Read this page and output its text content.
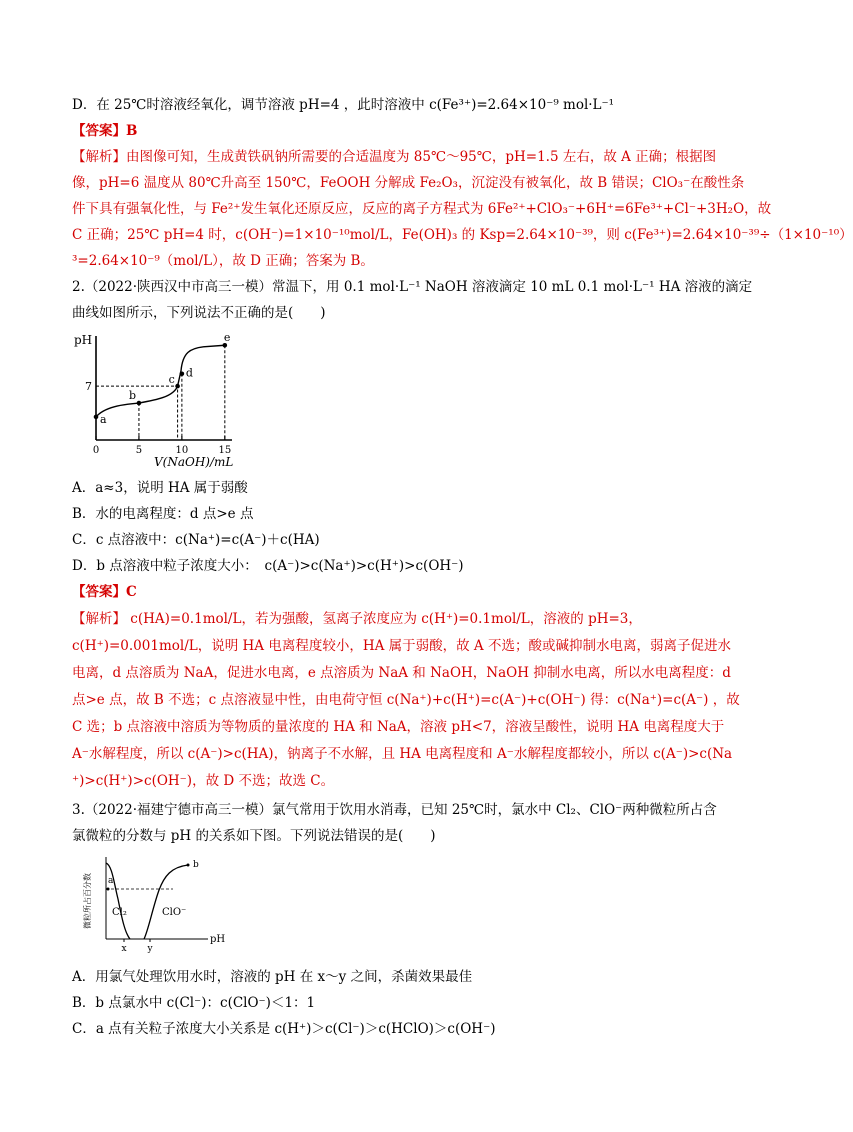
D．在 25℃时溶液经氧化，调节溶液 pH=4 ，此时溶液中 c(Fe³⁺)=2.64×10⁻⁹ mol·L⁻¹
【答案】B
【解析】由图像可知，生成黄铁矾钠所需要的合适温度为 85℃～95℃，pH=1.5 左右，故 A 正确；根据图
像，pH=6 温度从 80℃升高至 150℃，FeOOH 分解成 Fe₂O₃，沉淀没有被氧化，故 B 错误；ClO₃⁻在酸性条
件下具有强氧化性，与 Fe²⁺发生氧化还原反应，反应的离子方程式为 6Fe²⁺+ClO₃⁻+6H⁺=6Fe³⁺+Cl⁻+3H₂O，故
C 正确；25℃ pH=4 时，c(OH⁻)=1×10⁻¹⁰mol/L，Fe(OH)₃ 的 Ksp=2.64×10⁻³⁹，则 c(Fe³⁺)=2.64×10⁻³⁹÷（1×10⁻¹⁰）
³=2.64×10⁻⁹（mol/L），故 D 正确；答案为 B。
2.（2022·陕西汉中市高三一模）常温下，用 0.1 mol·L⁻¹ NaOH 溶液滴定 10 mL 0.1 mol·L⁻¹ HA 溶液的滴定
曲线如图所示，下列说法不正确的是(　　)
pH
V(NaOH)/mL
0	5	10	15
7
a
b
c d
e
A．a≈3，说明 HA 属于弱酸
B．水的电离程度：d 点>e 点
C．c 点溶液中：c(Na⁺)=c(A⁻)＋c(HA)
D．b 点溶液中粒子浓度大小：　c(A⁻)>c(Na⁺)>c(H⁺)>c(OH⁻)
【答案】C
【解析】 c(HA)=0.1mol/L，若为强酸，氢离子浓度应为 c(H⁺)=0.1mol/L，溶液的 pH=3，
c(H⁺)=0.001mol/L，说明 HA 电离程度较小，HA 属于弱酸，故 A 不选；酸或碱抑制水电离，弱离子促进水
电离，d 点溶质为 NaA，促进水电离，e 点溶质为 NaA 和 NaOH，NaOH 抑制水电离，所以水电离程度：d
点>e 点，故 B 不选；c 点溶液显中性，由电荷守恒 c(Na⁺)+c(H⁺)=c(A⁻)+c(OH⁻) 得：c(Na⁺)=c(A⁻) ，故
C 选；b 点溶液中溶质为等物质的量浓度的 HA 和 NaA，溶液 pH<7，溶液呈酸性，说明 HA 电离程度大于
A⁻水解程度，所以 c(A⁻)>c(HA)，钠离子不水解，且 HA 电离程度和 A⁻水解程度都较小，所以 c(A⁻)>c(Na
⁺)>c(H⁺)>c(OH⁻)，故 D 不选；故选 C。
3.（2022·福建宁德市高三一模）氯气常用于饮用水消毒，已知 25℃时，氯水中 Cl₂、ClO⁻两种微粒所占含
氯微粒的分数与 pH 的关系如下图。下列说法错误的是(　　)
微粒所占百分数
pH
x y
a
b
Cl₂	ClO⁻
A．用氯气处理饮用水时，溶液的 pH 在 x～y 之间，杀菌效果最佳
B．b 点氯水中 c(Cl⁻)：c(ClO⁻)＜1：1
C．a 点有关粒子浓度大小关系是 c(H⁺)＞c(Cl⁻)＞c(HClO)＞c(OH⁻)
